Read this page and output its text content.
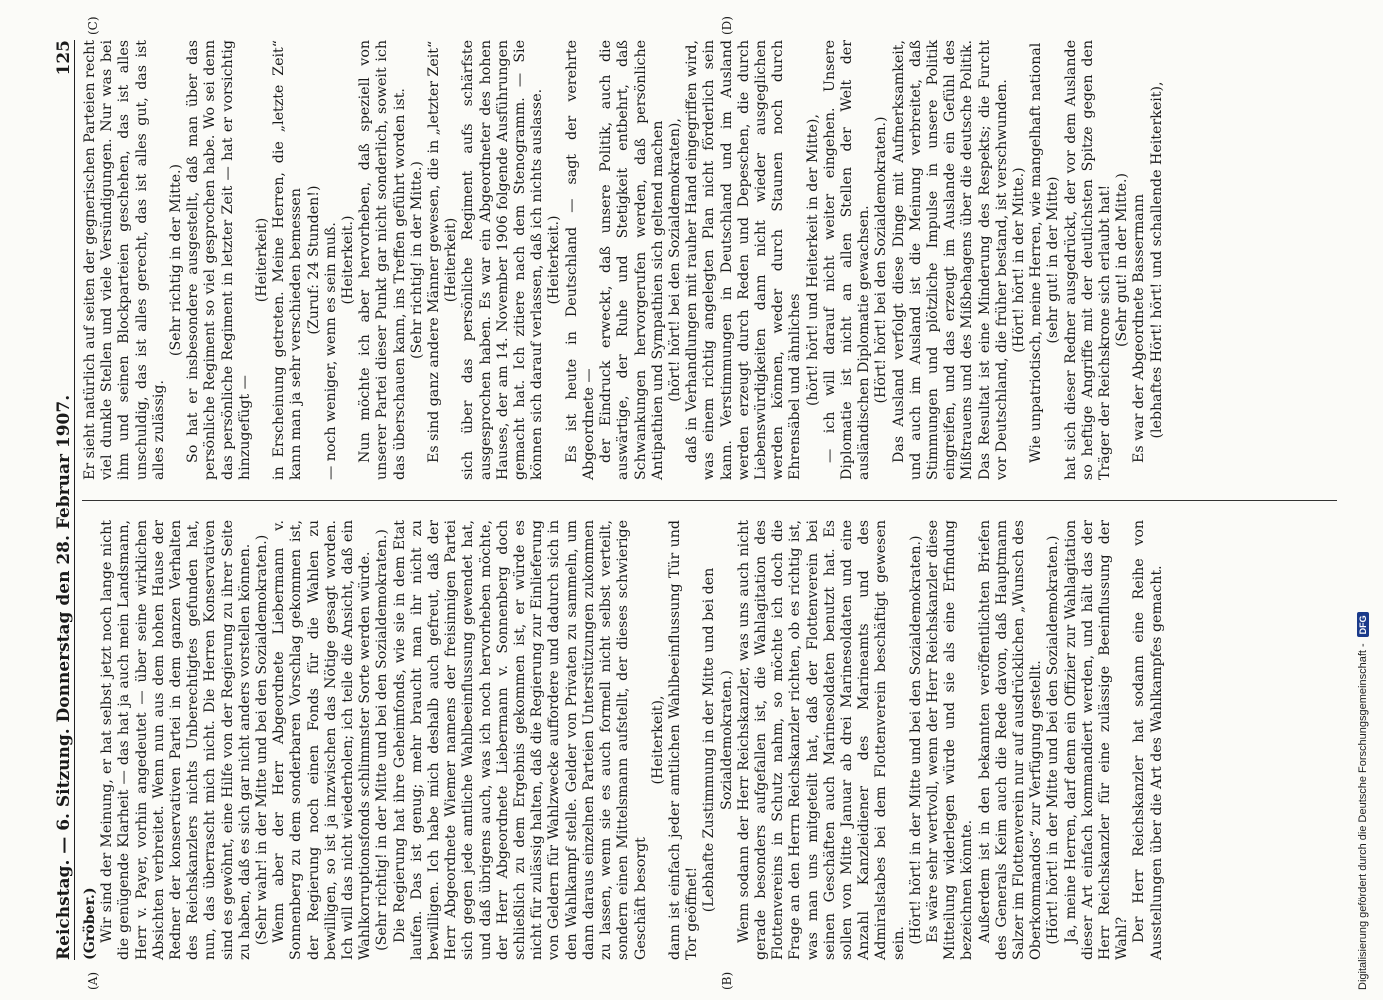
Reichstag. — 6. Sitzung. Donnerstag den 28. Februar 1907.
125
(A)	(B)
(C)	(D)

(Gröber.) Wir sind der Meinung, er hat selbst jetzt noch lange nicht die genügende Klarheit — das hat ja auch mein Landsmann, Herr v. Payer, vorhin angedeutet — über seine wirklichen Absichten verbreitet. Wenn nun aus dem hohen Hause der Redner der konservativen Partei in dem ganzen Verhalten des Reichskanzlers nichts Unberechtigtes gefunden hat, nun, das überrascht mich nicht. Die Herren Konservativen sind es gewöhnt, eine Hilfe von der Regierung zu ihrer Seite zu haben, daß es sich gar nicht anders vorstellen können. (Sehr wahr! in der Mitte und bei den Sozialdemokraten.) Wenn aber der Herr Abgeordnete Liebermann v. Sonnenberg zu dem sonderbaren Vorschlag gekommen ist, der Regierung noch einen Fonds für die Wahlen zu bewilligen, so ist ja inzwischen das Nötige gesagt worden. Ich will das nicht wiederholen; ich teile die Ansicht, daß ein Wahlkorruptionsfonds schlimmster Sorte werden würde. (Sehr richtig! in der Mitte und bei den Sozialdemokraten.) Die Regierung hat ihre Geheimfonds, wie sie in dem Etat laufen. Das ist genug; mehr braucht man ihr nicht zu bewilligen. Ich habe mich deshalb auch gefreut, daß der Herr Abgeordnete Wiemer namens der freisinnigen Partei sich gegen jede amtliche Wahlbeeinflussung gewendet hat, und daß übrigens auch, was ich noch hervorheben möchte, der Herr Abgeordnete Liebermann v. Sonnenberg doch schließlich zu dem Ergebnis gekommen ist, er würde es nicht für zulässig halten, daß die Regierung zur Einlieferung von Geldern für Wahlzwecke auffordere und dadurch sich in den Wahlkampf stelle. Gelder von Privaten zu sammeln, um dann daraus einzelnen Parteien Unterstützungen zukommen zu lassen, wenn sie es auch formell nicht selbst verteilt, sondern einen Mittelsmann aufstellt, der dieses schwierige Geschäft besorgt

(Heiterkeit), dann ist einfach jeder amtlichen Wahlbeeinflussung Tür und Tor geöffnet!

(Lebhafte Zustimmung in der Mitte und bei den Sozialdemokraten.) Wenn sodann der Herr Reichskanzler, was uns auch nicht gerade besonders aufgefallen ist, die Wahlagitation des Flottenvereins in Schutz nahm, so möchte ich doch die Frage an den Herrn Reichskanzler richten, ob es richtig ist, was man uns mitgeteilt hat, daß der Flottenverein bei seinen Geschäften auch Marinesoldaten benutzt hat. Es sollen von Mitte Januar ab drei Marinesoldaten und eine Anzahl Kanzleidiener des Marineamts und des Admiralstabes bei dem Flottenverein beschäftigt gewesen sein. (Hört! hört! in der Mitte und bei den Sozialdemokraten.) Es wäre sehr wertvoll, wenn der Herr Reichskanzler diese Mitteilung widerlegen würde und sie als eine Erfindung bezeichnen könnte. Außerdem ist in den bekannten veröffentlichten Briefen des Generals Keim auch die Rede davon, daß Hauptmann Salzer im Flottenverein nur auf ausdrücklichen „Wunsch des Oberkommandos“ zur Verfügung gestellt. (Hört! hört! in der Mitte und bei den Sozialdemokraten.) Ja, meine Herren, darf denn ein Offizier zur Wahlagitation dieser Art einfach kommandiert werden, und hält das der Herr Reichskanzler für eine zulässige Beeinflussung der Wahl? Der Herr Reichskanzler hat sodann eine Reihe von Ausstellungen über die Art des Wahlkampfes gemacht.

Er sieht natürlich auf seiten der gegnerischen Parteien recht viel dunkle Stellen und viele Versündigungen. Nur was bei ihm und seinen Blockparteien geschehen, das ist alles unschuldig, das ist alles gerecht, das ist alles gut, das ist alles zulässig.

(Sehr richtig in der Mitte.) So hat er insbesondere ausgestellt, daß man über das persönliche Regiment so viel gesprochen habe. Wo sei denn das persönliche Regiment in letzter Zeit — hat er vorsichtig hinzugefügt —

(Heiterkeit) in Erscheinung getreten. Meine Herren, die „letzte Zeit“ kann man ja sehr verschieden bemessen (Zuruf: 24 Stunden!) — noch weniger, wenn es sein muß. (Heiterkeit.) Nun möchte ich aber hervorheben, daß speziell von unserer Partei dieser Punkt gar nicht sonderlich, soweit ich das überschauen kann, ins Treffen geführt worden ist. (Sehr richtig! in der Mitte.) Es sind ganz andere Männer gewesen, die in „letzter Zeit“ (Heiterkeit) sich über das persönliche Regiment aufs schärfste ausgesprochen haben. Es war ein Abgeordneter des hohen Hauses, der am 14. November 1906 folgende Ausführungen gemacht hat. Ich zitiere nach dem Stenogramm. — Sie können sich darauf verlassen, daß ich nichts auslasse. (Heiterkeit.) Es ist heute in Deutschland — sagt der verehrte Abgeordnete — der Eindruck erweckt, daß unsere Politik, auch die auswärtige, der Ruhe und Stetigkeit entbehrt, daß Schwankungen hervorgerufen werden, daß persönliche Antipathien und Sympathien sich geltend machen (hört! hört! bei den Sozialdemokraten), daß in Verhandlungen mit rauher Hand eingegriffen wird, was einem richtig angelegten Plan nicht förderlich sein kann. Verstimmungen in Deutschland und im Ausland werden erzeugt durch Reden und Depeschen, die durch Liebenswürdigkeiten dann nicht wieder ausgeglichen werden können, weder durch Staunen noch durch Ehrensäbel und ähnliches (hört! hört! und Heiterkeit in der Mitte), — ich will darauf nicht weiter eingehen. Unsere Diplomatie ist nicht an allen Stellen der Welt der ausländischen Diplomatie gewachsen. (Hört! hört! bei den Sozialdemokraten.) Das Ausland verfolgt diese Dinge mit Aufmerksamkeit, und auch im Ausland ist die Meinung verbreitet, daß Stimmungen und plötzliche Impulse in unsere Politik eingreifen, und das erzeugt im Auslande ein Gefühl des Mißtrauens und des Mißbehagens über die deutsche Politik. Das Resultat ist eine Minderung des Respekts; die Furcht vor Deutschland, die früher bestand, ist verschwunden. (Hört! hört! in der Mitte.) Wie unpatriotisch, meine Herren, wie mangelhaft national (sehr gut! in der Mitte) hat sich dieser Redner ausgedrückt, der vor dem Auslande so heftige Angriffe mit der deutlichsten Spitze gegen den Träger der Reichskrone sich erlaubt hat! (Sehr gut! in der Mitte.) Es war der Abgeordnete Bassermann (lebhaftes Hört! hört! und schallende Heiterkeit),

Digitalisierung gefördert durch die Deutsche Forschungsgemeinschaft -
DFG
